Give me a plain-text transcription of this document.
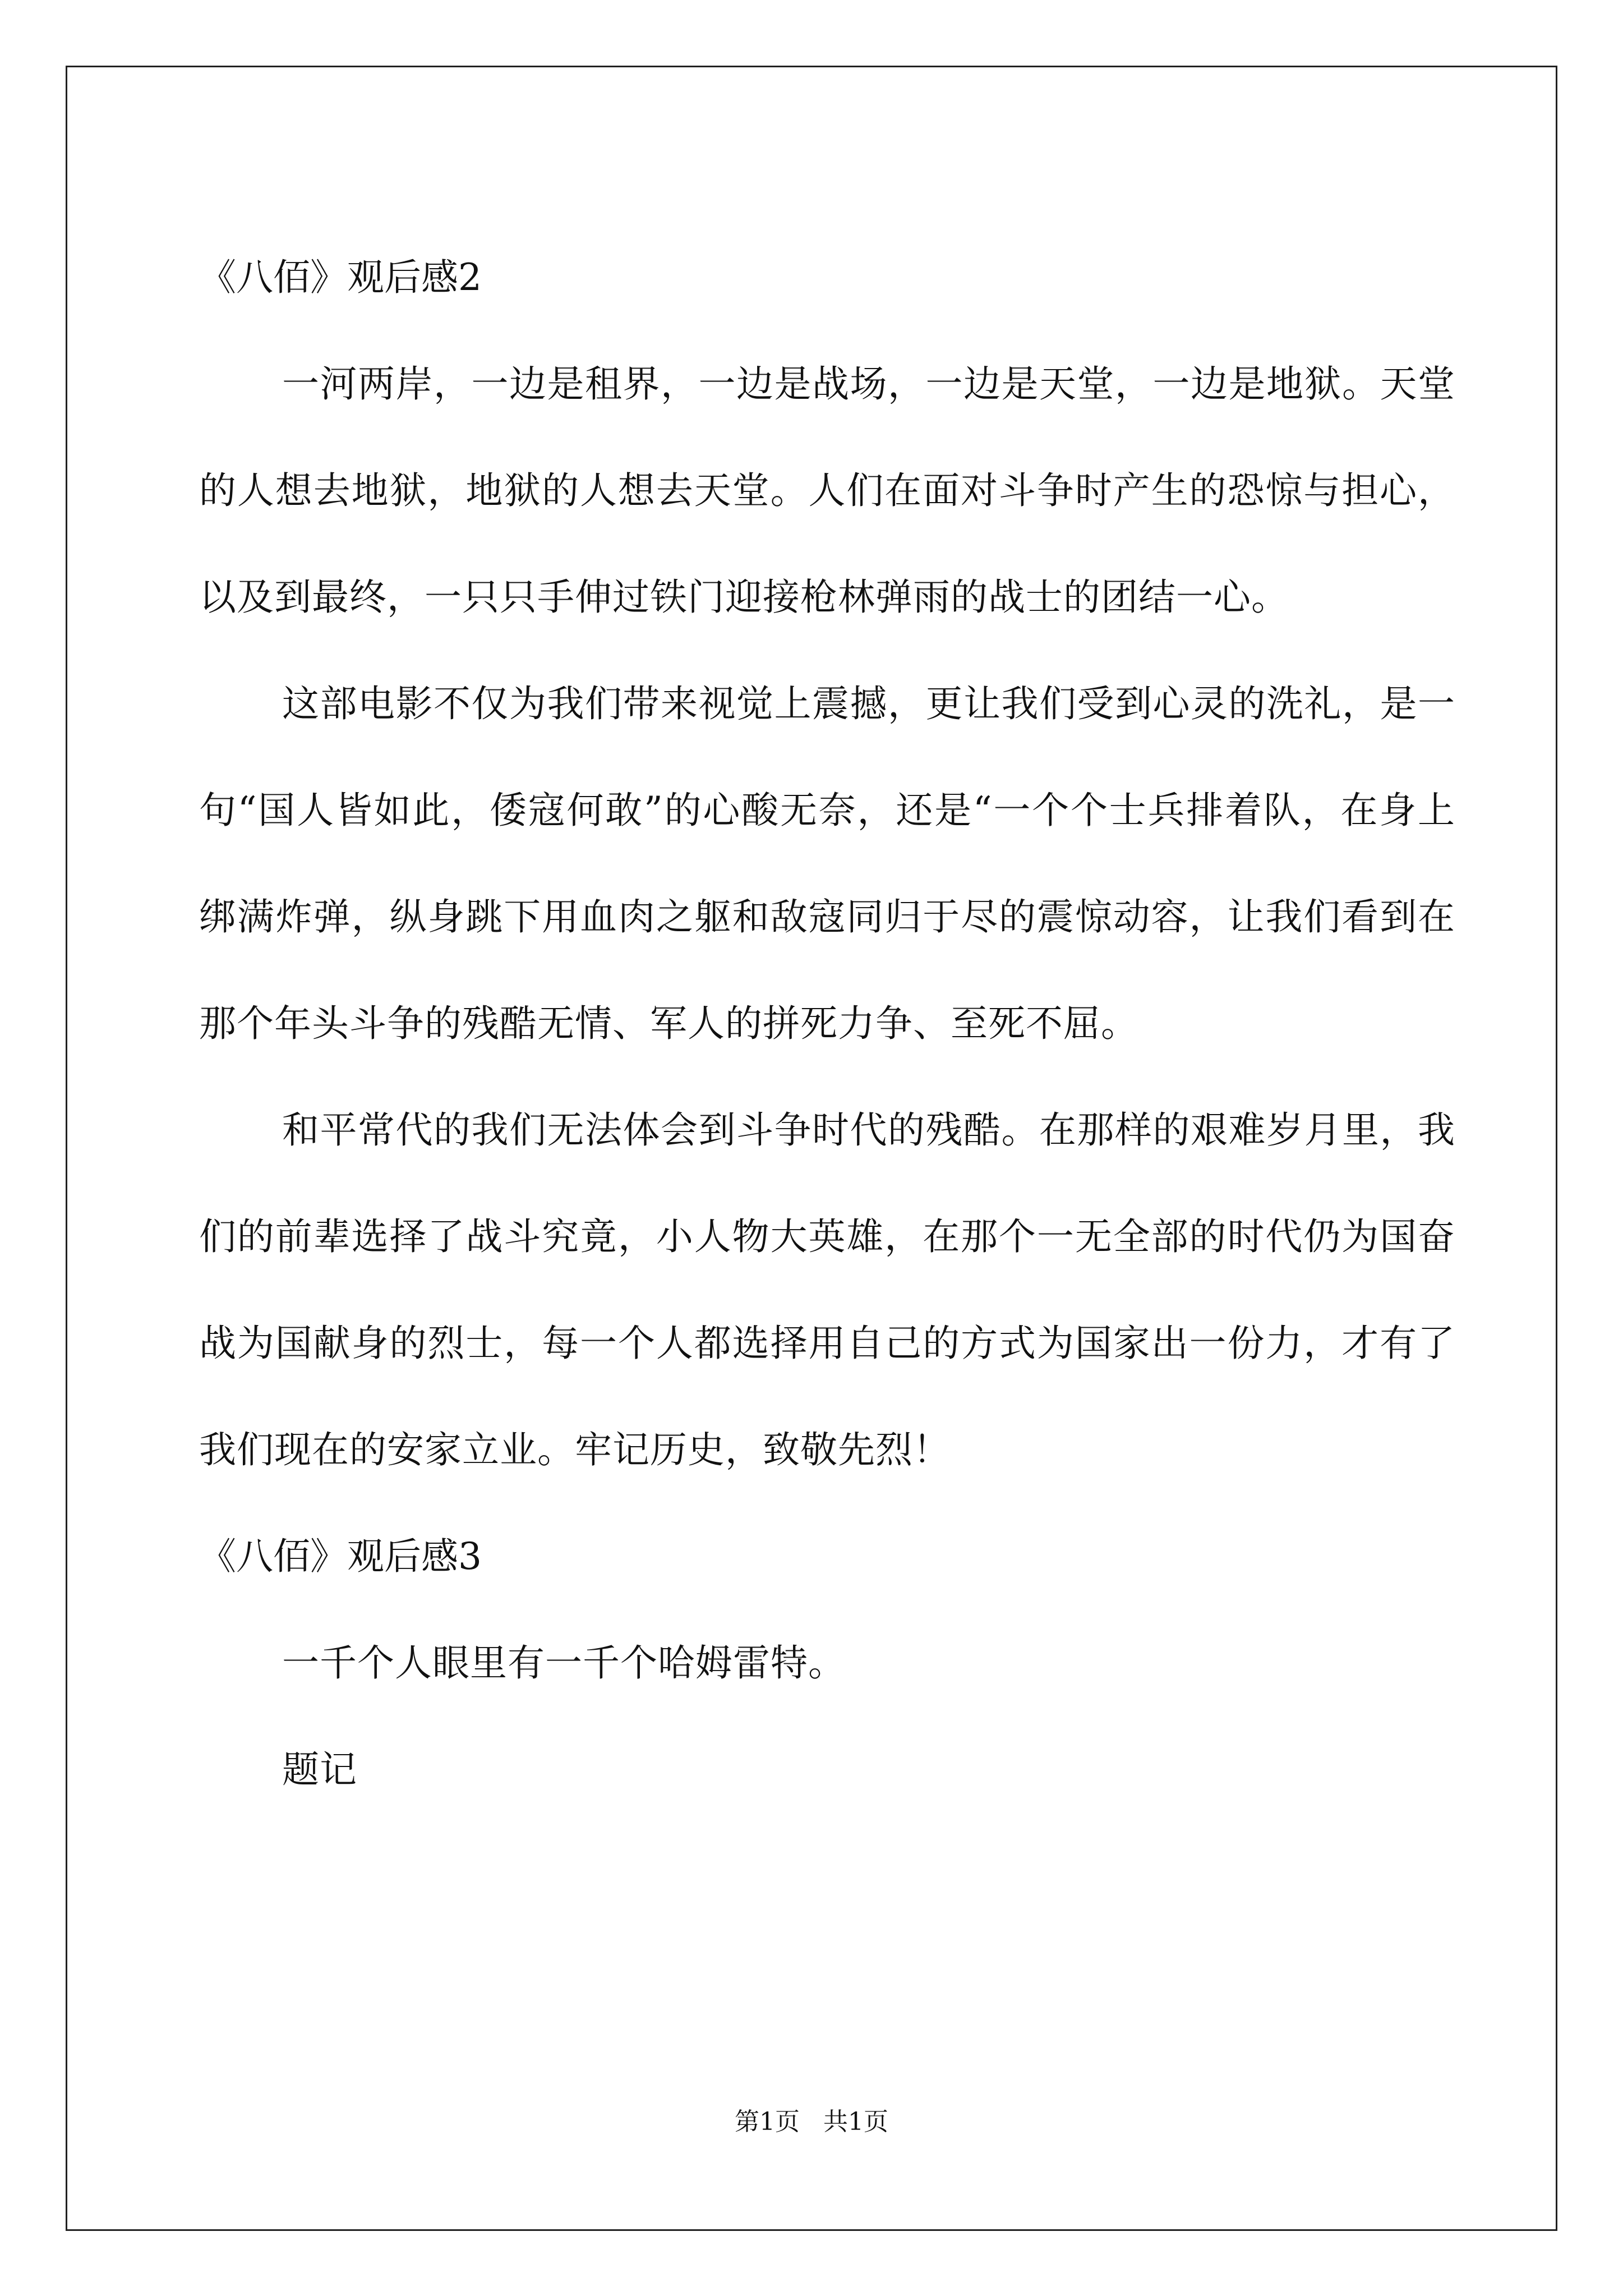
《八佰》观后感2

一河两岸，一边是租界，一边是战场，一边是天堂，一边是地狱。天堂的人想去地狱，地狱的人想去天堂。人们在面对斗争时产生的恐惊与担心，以及到最终，一只只手伸过铁门迎接枪林弹雨的战士的团结一心。

这部电影不仅为我们带来视觉上震撼，更让我们受到心灵的洗礼，是一句“国人皆如此，倭寇何敢”的心酸无奈，还是“一个个士兵排着队，在身上绑满炸弹，纵身跳下用血肉之躯和敌寇同归于尽的震惊动容，让我们看到在那个年头斗争的残酷无情、军人的拼死力争、至死不屈。

和平常代的我们无法体会到斗争时代的残酷。在那样的艰难岁月里，我们的前辈选择了战斗究竟，小人物大英雄，在那个一无全部的时代仍为国奋战为国献身的烈士，每一个人都选择用自己的方式为国家出一份力，才有了我们现在的安家立业。牢记历史，致敬先烈！

《八佰》观后感3

一千个人眼里有一千个哈姆雷特。

题记

第1页   共1页
